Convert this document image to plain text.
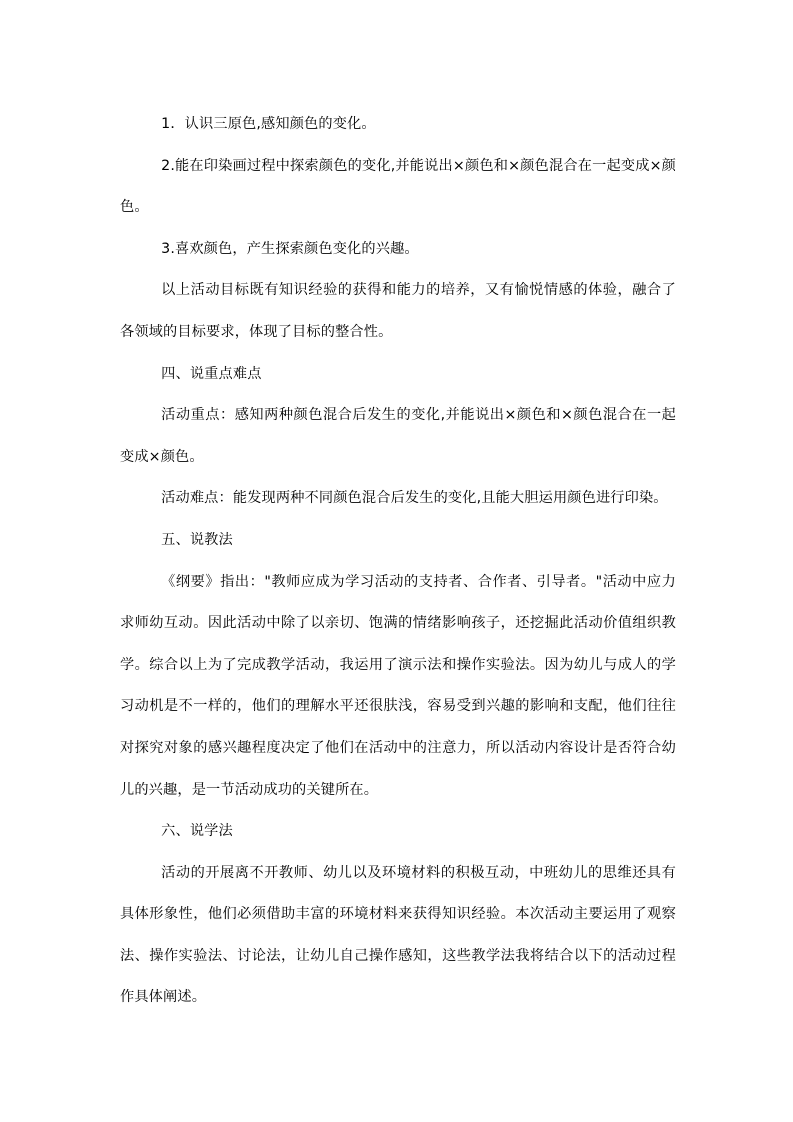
1．认识三原色,感知颜色的变化。

2.能在印染画过程中探索颜色的变化,并能说出×颜色和×颜色混合在一起变成×颜色。

3.喜欢颜色，产生探索颜色变化的兴趣。

以上活动目标既有知识经验的获得和能力的培养，又有愉悦情感的体验，融合了各领域的目标要求，体现了目标的整合性。

四、说重点难点

活动重点：感知两种颜色混合后发生的变化,并能说出×颜色和×颜色混合在一起变成×颜色。

活动难点：能发现两种不同颜色混合后发生的变化,且能大胆运用颜色进行印染。

五、说教法

《纲要》指出："教师应成为学习活动的支持者、合作者、引导者。"活动中应力求师幼互动。因此活动中除了以亲切、饱满的情绪影响孩子，还挖掘此活动价值组织教学。综合以上为了完成教学活动，我运用了演示法和操作实验法。因为幼儿与成人的学习动机是不一样的，他们的理解水平还很肤浅，容易受到兴趣的影响和支配，他们往往对探究对象的感兴趣程度决定了他们在活动中的注意力，所以活动内容设计是否符合幼儿的兴趣，是一节活动成功的关键所在。

六、说学法

活动的开展离不开教师、幼儿以及环境材料的积极互动，中班幼儿的思维还具有具体形象性，他们必须借助丰富的环境材料来获得知识经验。本次活动主要运用了观察法、操作实验法、讨论法，让幼儿自己操作感知，这些教学法我将结合以下的活动过程作具体阐述。
